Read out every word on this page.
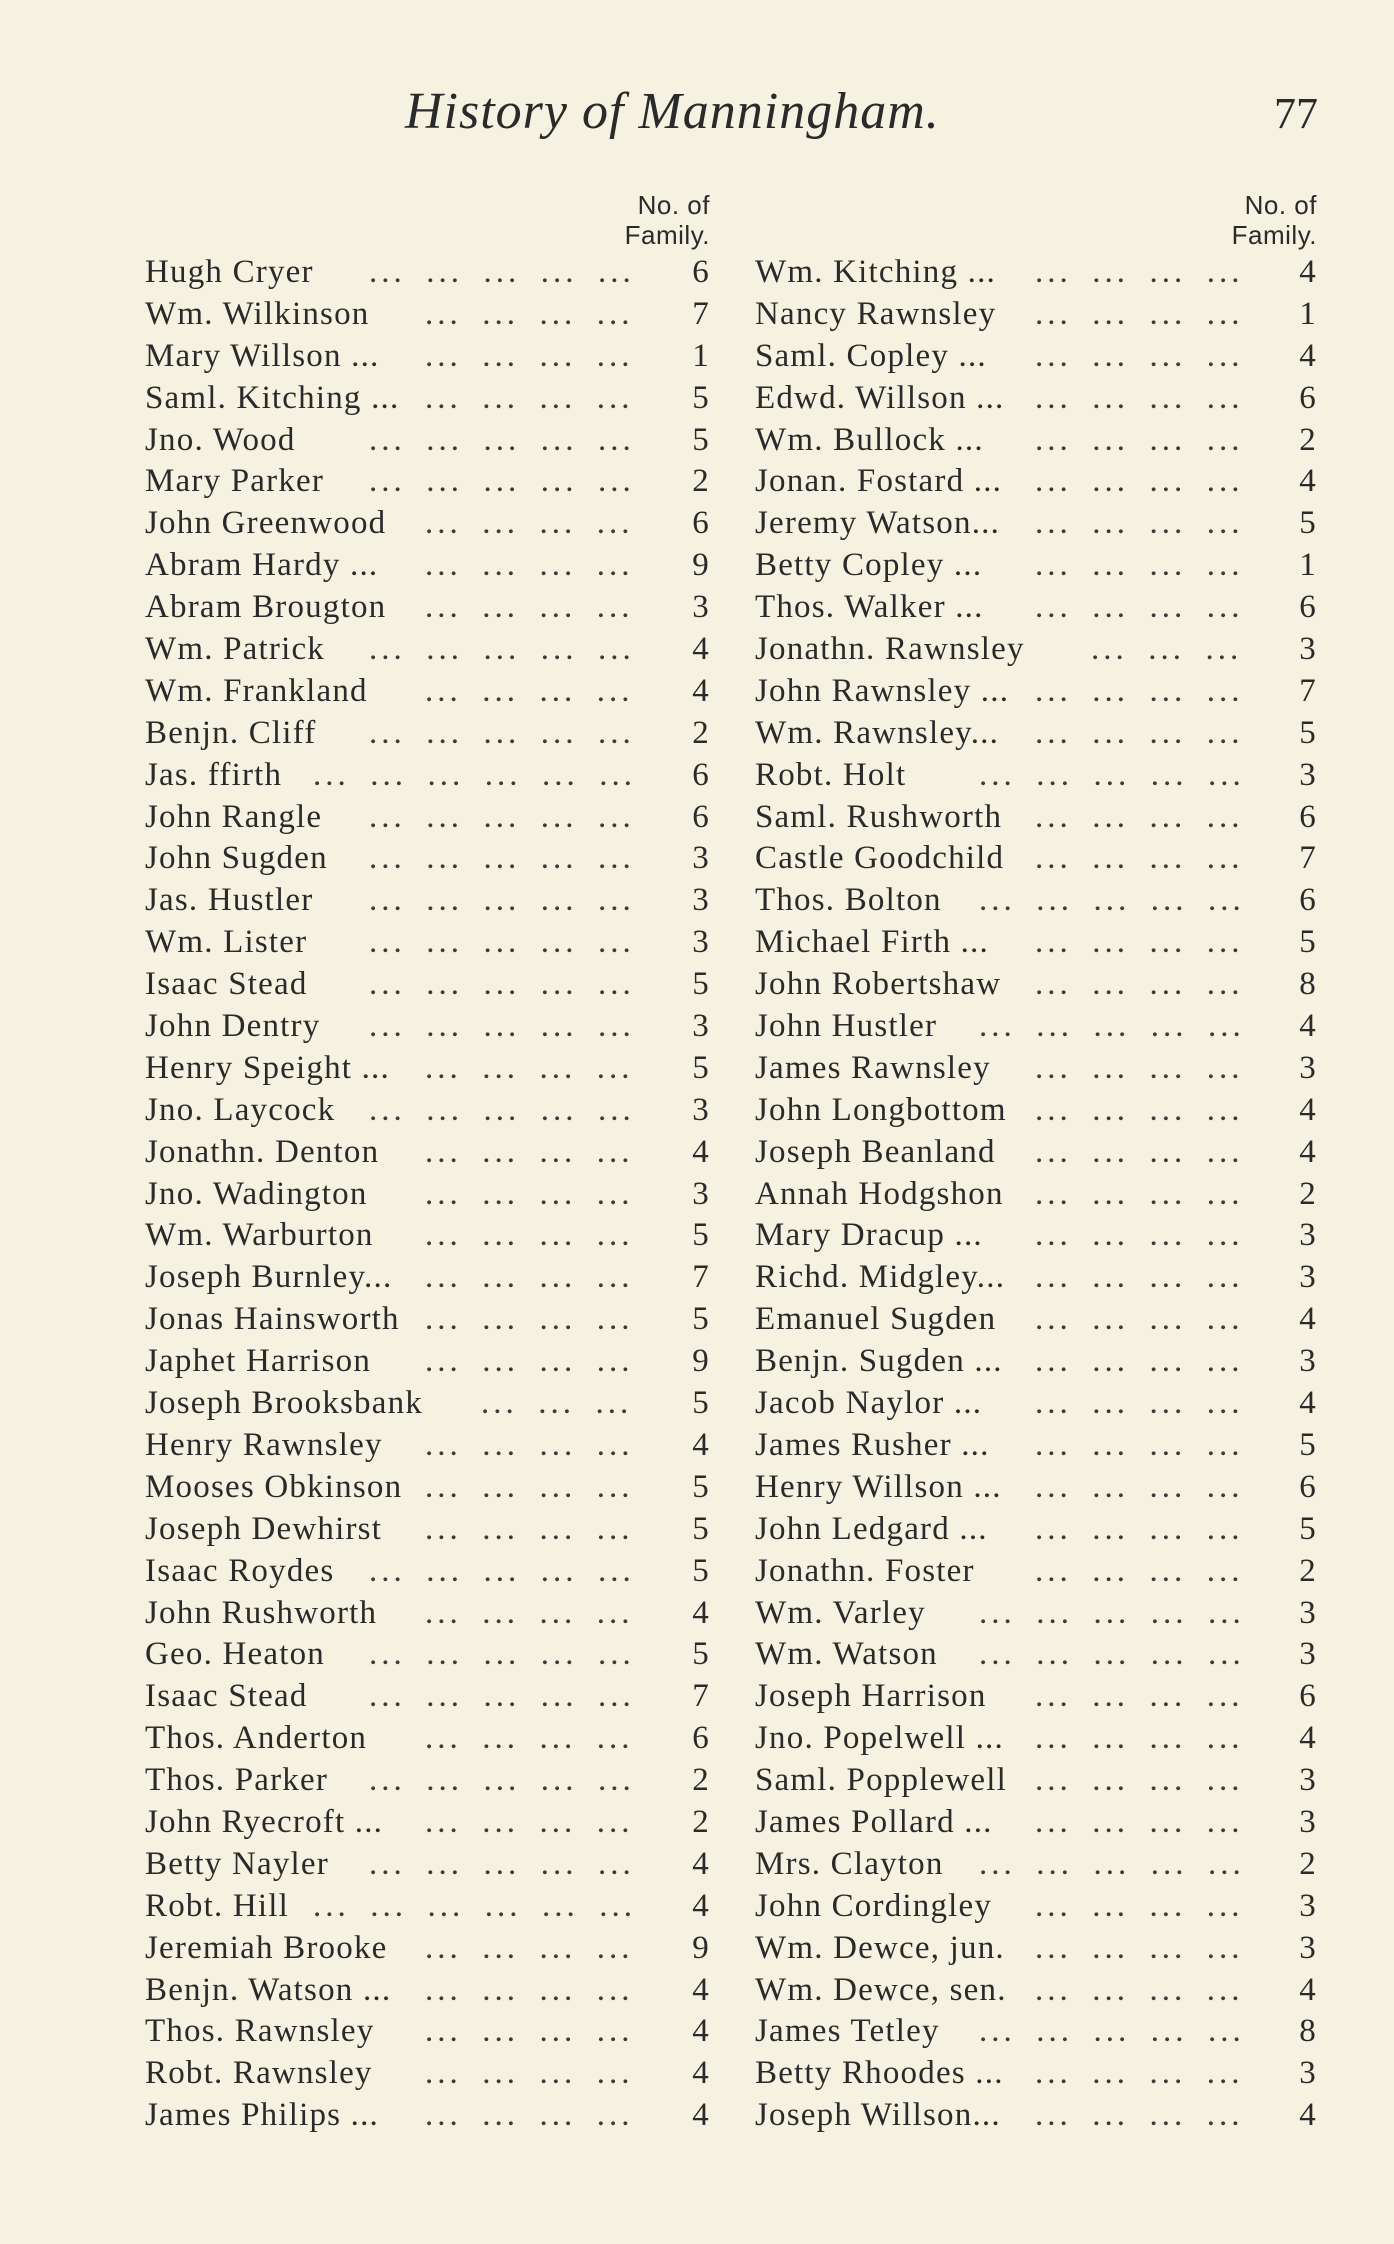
History of Manningham.	77
No. of
Family.
Hugh Cryer ... ... ... ... ...	6
Wm. Wilkinson ... ... ... ...	7
Mary Willson ... ... ... ... ...	1
Saml. Kitching ... ... ... ... ...	5
Jno. Wood ... ... ... ... ...	5
Mary Parker ... ... ... ... ...	2
John Greenwood ... ... ... ...	6
Abram Hardy ... ... ... ... ...	9
Abram Brougton ... ... ... ...	3
Wm. Patrick ... ... ... ... ...	4
Wm. Frankland ... ... ... ...	4
Benjn. Cliff ... ... ... ... ...	2
Jas. ffirth ... ... ... ... ... ...	6
John Rangle ... ... ... ... ...	6
John Sugden ... ... ... ... ...	3
Jas. Hustler ... ... ... ... ...	3
Wm. Lister ... ... ... ... ...	3
Isaac Stead ... ... ... ... ...	5
John Dentry ... ... ... ... ...	3
Henry Speight ... ... ... ... ...	5
Jno. Laycock ... ... ... ... ...	3
Jonathn. Denton ... ... ... ...	4
Jno. Wadington ... ... ... ...	3
Wm. Warburton ... ... ... ...	5
Joseph Burnley... ... ... ... ...	7
Jonas Hainsworth ... ... ... ...	5
Japhet Harrison ... ... ... ...	9
Joseph Brooksbank ... ... ...	5
Henry Rawnsley ... ... ... ...	4
Mooses Obkinson ... ... ... ...	5
Joseph Dewhirst ... ... ... ...	5
Isaac Roydes ... ... ... ... ...	5
John Rushworth ... ... ... ...	4
Geo. Heaton ... ... ... ... ...	5
Isaac Stead ... ... ... ... ...	7
Thos. Anderton ... ... ... ...	6
Thos. Parker ... ... ... ... ...	2
John Ryecroft ... ... ... ... ...	2
Betty Nayler ... ... ... ... ...	4
Robt. Hill ... ... ... ... ... ...	4
Jeremiah Brooke ... ... ... ...	9
Benjn. Watson ... ... ... ... ...	4
Thos. Rawnsley ... ... ... ...	4
Robt. Rawnsley ... ... ... ...	4
James Philips ... ... ... ... ...	4
No. of
Family.
Wm. Kitching ... ... ... ... ...	4
Nancy Rawnsley ... ... ... ...	1
Saml. Copley ... ... ... ... ...	4
Edwd. Willson ... ... ... ... ...	6
Wm. Bullock ... ... ... ... ...	2
Jonan. Fostard ... ... ... ... ...	4
Jeremy Watson... ... ... ... ...	5
Betty Copley ... ... ... ... ...	1
Thos. Walker ... ... ... ... ...	6
Jonathn. Rawnsley ... ... ...	3
John Rawnsley ... ... ... ... ...	7
Wm. Rawnsley... ... ... ... ...	5
Robt. Holt ... ... ... ... ...	3
Saml. Rushworth ... ... ... ...	6
Castle Goodchild ... ... ... ...	7
Thos. Bolton ... ... ... ... ...	6
Michael Firth ... ... ... ... ...	5
John Robertshaw ... ... ... ...	8
John Hustler ... ... ... ... ...	4
James Rawnsley ... ... ... ...	3
John Longbottom ... ... ... ...	4
Joseph Beanland ... ... ... ...	4
Annah Hodgshon ... ... ... ...	2
Mary Dracup ... ... ... ... ...	3
Richd. Midgley... ... ... ... ...	3
Emanuel Sugden ... ... ... ...	4
Benjn. Sugden ... ... ... ... ...	3
Jacob Naylor ... ... ... ... ...	4
James Rusher ... ... ... ... ...	5
Henry Willson ... ... ... ... ...	6
John Ledgard ... ... ... ... ...	5
Jonathn. Foster ... ... ... ...	2
Wm. Varley ... ... ... ... ...	3
Wm. Watson ... ... ... ... ...	3
Joseph Harrison ... ... ... ...	6
Jno. Popelwell ... ... ... ... ...	4
Saml. Popplewell ... ... ... ...	3
James Pollard ... ... ... ... ...	3
Mrs. Clayton ... ... ... ... ...	2
John Cordingley ... ... ... ...	3
Wm. Dewce, jun. ... ... ... ...	3
Wm. Dewce, sen. ... ... ... ...	4
James Tetley ... ... ... ... ...	8
Betty Rhoodes ... ... ... ... ...	3
Joseph Willson... ... ... ... ...	4
